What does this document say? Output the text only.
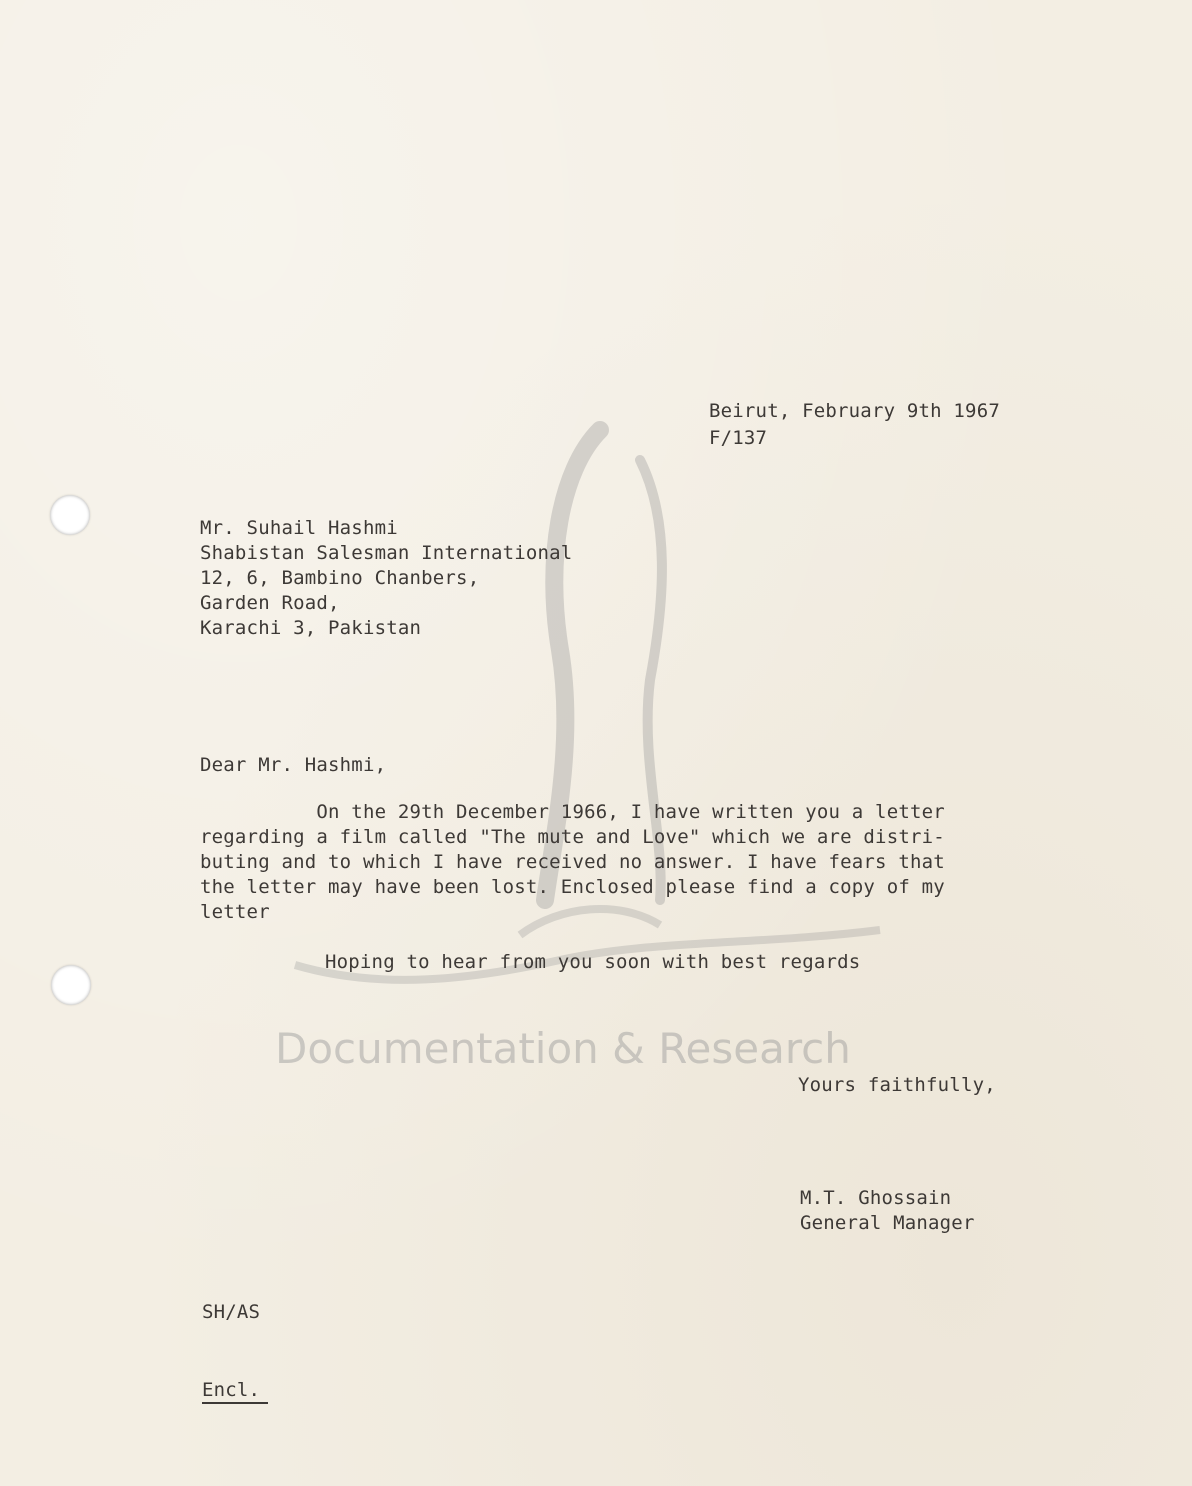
Documentation & Research
Beirut, February 9th 1967
F/137
Mr. Suhail Hashmi
Shabistan Salesman International
12, 6, Bambino Chanbers,
Garden Road,
Karachi 3, Pakistan
Dear Mr. Hashmi,
On the 29th December 1966, I have written you a letter
regarding a film called "The mute and Love" which we are distri-
buting and to which I have received no answer. I have fears that
the letter may have been lost. Enclosed please find a copy of my
letter
Hoping to hear from you soon with best regards
Yours faithfully,
M.T. Ghossain
General Manager
SH/AS
Encl.
